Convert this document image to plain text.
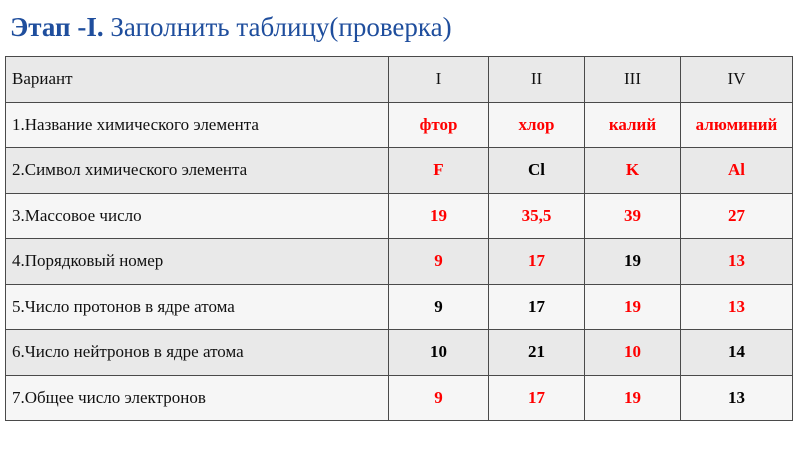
Этап -I. Заполнить таблицу(проверка)
Вариант	I	II	III	IV
1.Название химического элемента	фтор	хлор	калий	алюминий
2.Символ химического элемента	F	Cl	K	Al
3.Массовое число	19	35,5	39	27
4.Порядковый номер	9	17	19	13
5.Число протонов в ядре атома	9	17	19	13
6.Число нейтронов в ядре атома	10	21	10	14
7.Общее число электронов	9	17	19	13
